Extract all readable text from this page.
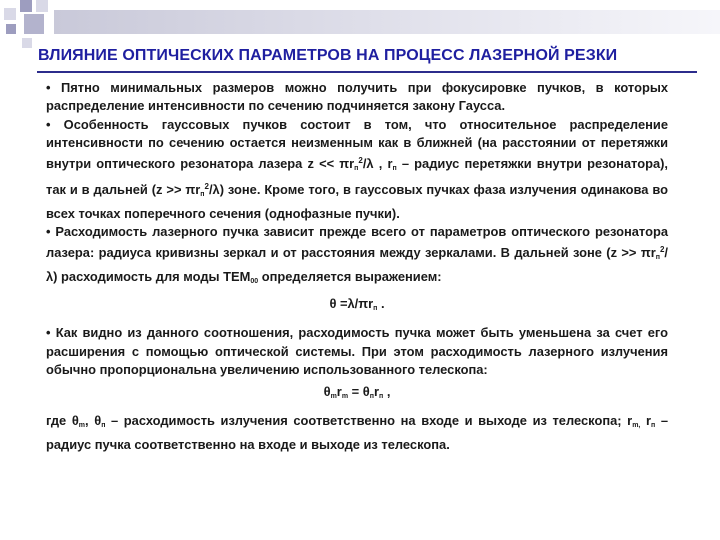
ВЛИЯНИЕ ОПТИЧЕСКИХ ПАРАМЕТРОВ НА ПРОЦЕСС ЛАЗЕРНОЙ РЕЗКИ

• Пятно минимальных размеров можно получить при фокусировке пучков, в которых распределение интенсивности по сечению подчиняется закону Гаусса.

• Особенность гауссовых пучков состоит в том, что относительное распределение интенсивности по сечению остается неизменным как в ближней (на расстоянии от перетяжки внутри оптического резонатора лазера $z << \pi r_п^2/\lambda$ , $r_п$ – радиус перетяжки внутри резонатора), так и в дальней $(z >> \pi r_п^2/\lambda)$ зоне. Кроме того, в гауссовых пучках фаза излучения одинакова во всех точках поперечного сечения (однофазные пучки).

• Расходимость лазерного пучка зависит прежде всего от параметров оптического резонатора лазера: радиуса кривизны зеркал и от расстояния между зеркалами. В дальней зоне $(z >> \pi r_п^2/\lambda)$ расходимость для моды $ТЕМ_{00}$ определяется выражением:

$\theta =\lambda/\pi r_п$ .

• Как видно из данного соотношения, расходимость пучка может быть уменьшена за счет его расширения с помощью оптической системы. При этом расходимость лазерного излучения обычно пропорциональна увеличению использованного телескопа:

$\theta_mr_m = \theta_пr_п$ ,

где $\theta_m$, $\theta_п$ – расходимость излучения соответственно на входе и выходе из телескопа; $r_{m,}$ $r_п$ – радиус пучка соответственно на входе и выходе из телескопа.
